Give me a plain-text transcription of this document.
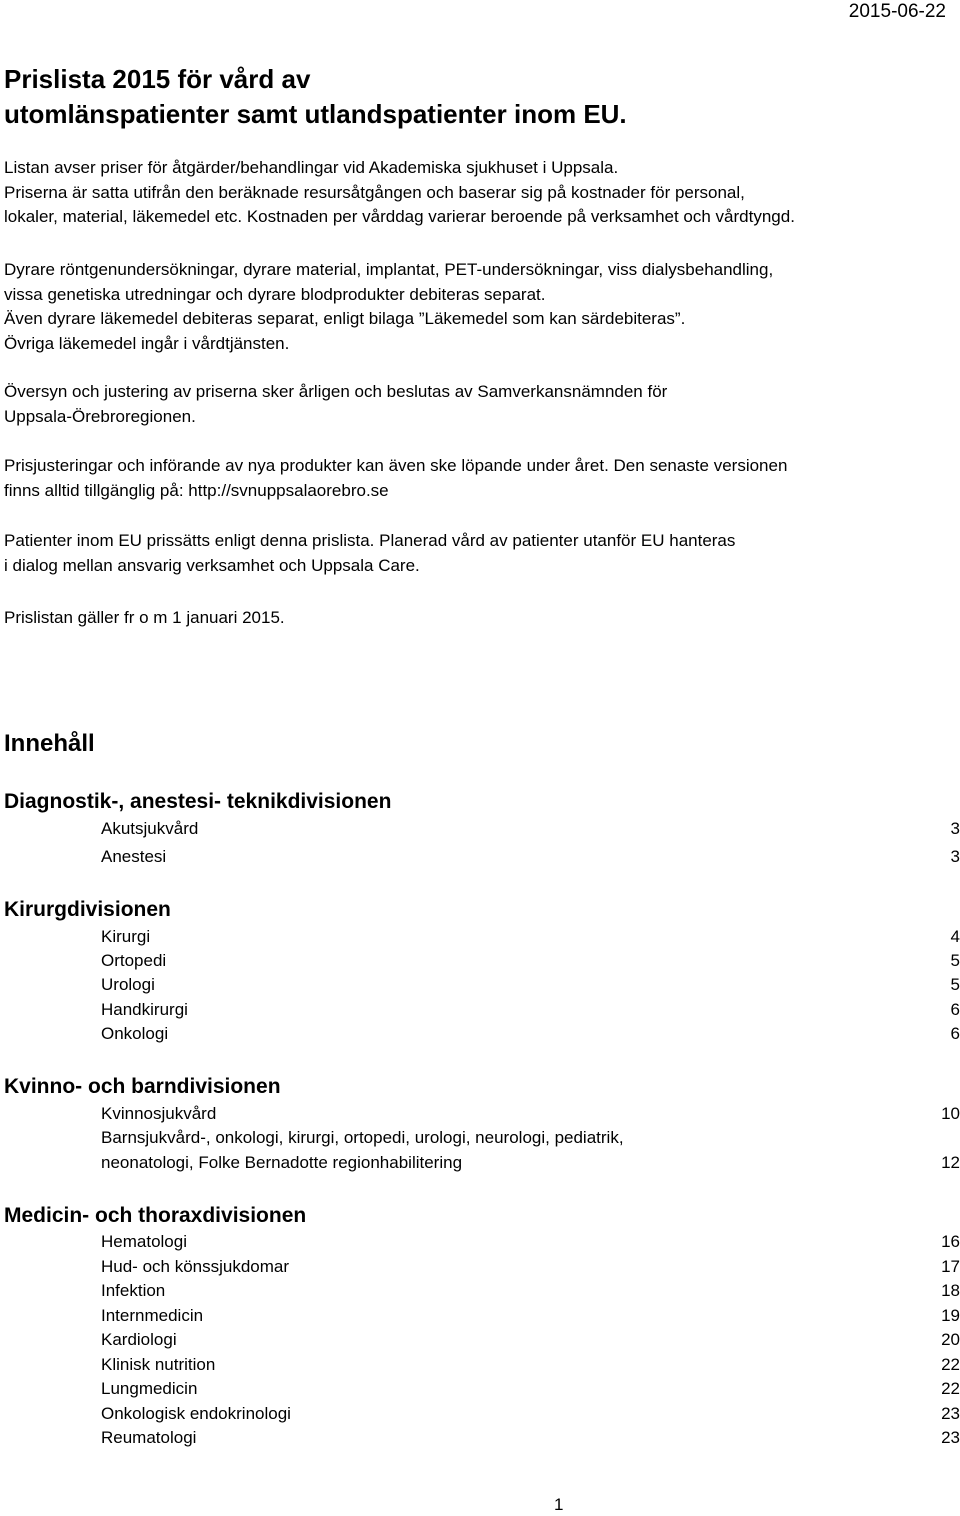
2015-06-22
Prislista 2015 för vård av
utomlänspatienter samt utlandspatienter inom EU.
Listan avser priser för åtgärder/behandlingar vid Akademiska sjukhuset i Uppsala.
Priserna är satta utifrån den beräknade resursåtgången och baserar sig på kostnader för personal,
lokaler, material, läkemedel etc. Kostnaden per vårddag varierar beroende på verksamhet och vårdtyngd.
Dyrare röntgenundersökningar, dyrare material, implantat, PET-undersökningar, viss dialysbehandling,
vissa genetiska utredningar och dyrare blodprodukter debiteras separat.
Även dyrare läkemedel debiteras separat, enligt bilaga ”Läkemedel som kan särdebiteras”.
Övriga läkemedel ingår i vårdtjänsten.
Översyn och justering av priserna sker årligen och beslutas av Samverkansnämnden för
Uppsala-Örebroregionen.
Prisjusteringar och införande av nya produkter kan även ske löpande under året. Den senaste versionen
finns alltid tillgänglig på: http://svnuppsalaorebro.se
Patienter inom EU prissätts enligt denna prislista. Planerad vård av patienter utanför EU hanteras
i dialog mellan ansvarig verksamhet och Uppsala Care.
Prislistan gäller fr o m 1 januari 2015.
Innehåll
Diagnostik-, anestesi- teknikdivisionen
Akutsjukvård	3
Anestesi	3
Kirurgdivisionen
Kirurgi	4
Ortopedi	5
Urologi	5
Handkirurgi	6
Onkologi	6
Kvinno- och barndivisionen
Kvinnosjukvård	10
Barnsjukvård-, onkologi, kirurgi, ortopedi, urologi, neurologi, pediatrik,
neonatologi, Folke Bernadotte regionhabilitering	12
Medicin- och thoraxdivisionen
Hematologi	16
Hud- och könssjukdomar	17
Infektion	18
Internmedicin	19
Kardiologi	20
Klinisk nutrition	22
Lungmedicin	22
Onkologisk endokrinologi	23
Reumatologi	23
1
